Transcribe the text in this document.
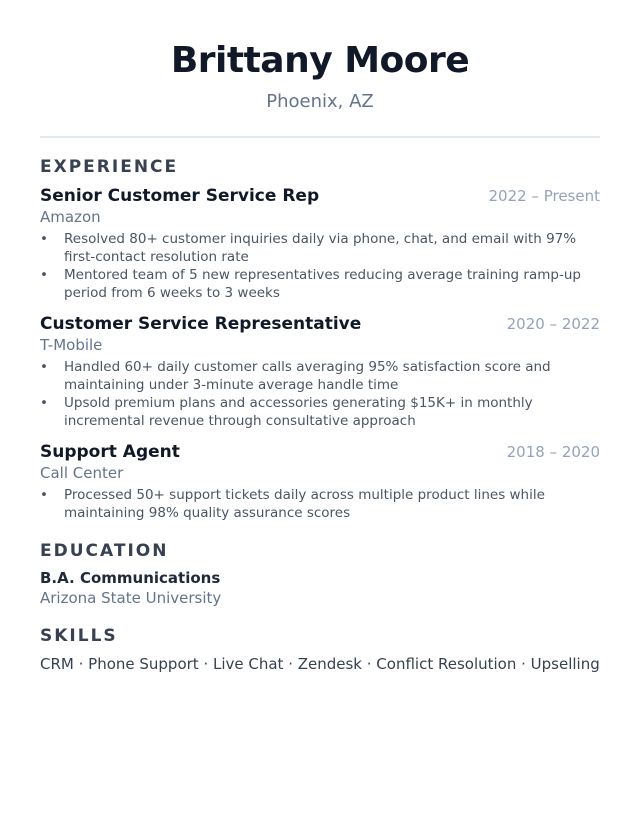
Brittany Moore
Phoenix, AZ
EXPERIENCE
Senior Customer Service Rep	2022 – Present
Amazon
• Resolved 80+ customer inquiries daily via phone, chat, and email with 97% first-contact resolution rate
• Mentored team of 5 new representatives reducing average training ramp-up period from 6 weeks to 3 weeks
Customer Service Representative	2020 – 2022
T-Mobile
• Handled 60+ daily customer calls averaging 95% satisfaction score and maintaining under 3-minute average handle time
• Upsold premium plans and accessories generating $15K+ in monthly incremental revenue through consultative approach
Support Agent	2018 – 2020
Call Center
• Processed 50+ support tickets daily across multiple product lines while maintaining 98% quality assurance scores
EDUCATION
B.A. Communications
Arizona State University
SKILLS
CRM · Phone Support · Live Chat · Zendesk · Conflict Resolution · Upselling
